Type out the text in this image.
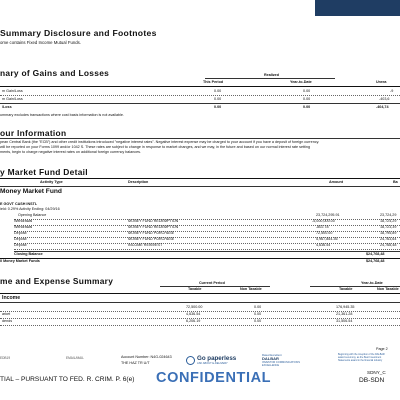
Summary Disclosure and Footnotes
ome contains Fixed Income Mutual Funds.
nary of Gains and Losses	Realized
This Period	Year-to-Date	Unrea
m Gain/Loss	0.00	0.00	-9
m Gain/Loss	0.00	0.00	-403,6
/Loss	0.00	0.00	-404,74
ummary excludes transactions where cost basis information is not available.
our Information
pean Central Bank (the "ECB") and other credit institutions introduced "negative interest rates". Negative interest expense may be charged to your account if you have a deposit of foreign currency.
will be reported on your Forms 1099 and/or 1042 S. These rates are subject to change in response to market changes, and we may, in the future and based on our normal interest rate setting
ments, begin to charge negative interest rates on additional foreign currency balances.
y Market Fund Detail
Activity Type	Description	Amount	Ba
Money Market Fund
E GOVT CASH INSTL
ield: 0.29% Activity Ending: 04/29/16
Opening Balance	23,724,295.91	23,724,29
Withdrawal	MONEY FUND REDEMPTION	-5,000,000.00	18,724,29
Withdrawal	MONEY FUND REDEMPTION	-802.78	18,723,39
Deposit	MONEY FUND PURCHASE	72,500.00	18,795,89
Deposit	MONEY FUND PURCHASE	5,967,854.36	24,763,64
Deposit	INCOME REINVEST	4,636.54	24,768,48
Closing Balance	$24,768,48
ll Money Market Funds	$24,768,48
me and Expense Summary	Current Period	Year-to-Date
Taxable	Non Taxable	Taxable	Non Taxable
Income
72,500.00	0.00	176,945.35
arket	4,636.54	0.00	21,361.28
dends	6,206.19	0.00	31,506.54
EDB19	EMAIL/MAIL	Account Number: N4G-024643
THE HAZ TR U/T
Go paperless
ASK ABOUT E-DELIVERY
Rated Excellent
DALBAR
INVESTOR COMMUNICATIONS
EXCELLENCE
Beginning with the inception of the DALBAR
award ceremony, as the Best Investment
Statements award in the financial industry
Page 2
SDNY_C
TIAL – PURSUANT TO FED. R. CRIM. P. 6(e) CONFIDENTIAL	DB-SDN
